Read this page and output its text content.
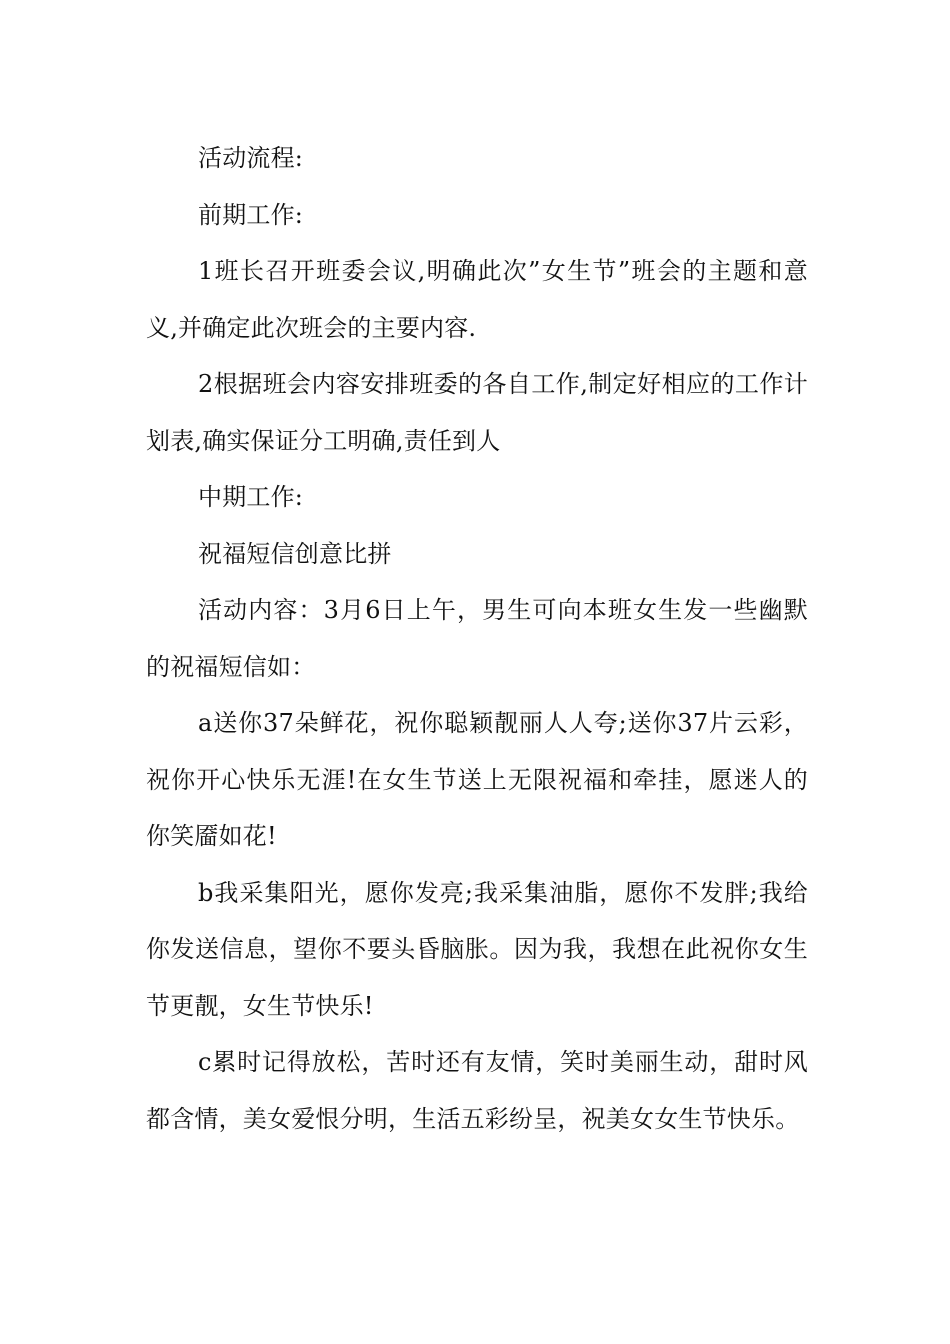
活动流程:

前期工作:

1班长召开班委会议,明确此次”女生节”班会的主题和意义,并确定此次班会的主要内容.

2根据班会内容安排班委的各自工作,制定好相应的工作计划表,确实保证分工明确,责任到人

中期工作:

祝福短信创意比拼

活动内容：3月6日上午，男生可向本班女生发一些幽默的祝福短信如：

a送你37朵鲜花，祝你聪颖靓丽人人夸;送你37片云彩，祝你开心快乐无涯!在女生节送上无限祝福和牵挂，愿迷人的你笑靥如花!

b我采集阳光，愿你发亮;我采集油脂，愿你不发胖;我给你发送信息，望你不要头昏脑胀。因为我，我想在此祝你女生节更靓，女生节快乐!

c累时记得放松，苦时还有友情，笑时美丽生动，甜时风都含情，美女爱恨分明，生活五彩纷呈，祝美女女生节快乐。
